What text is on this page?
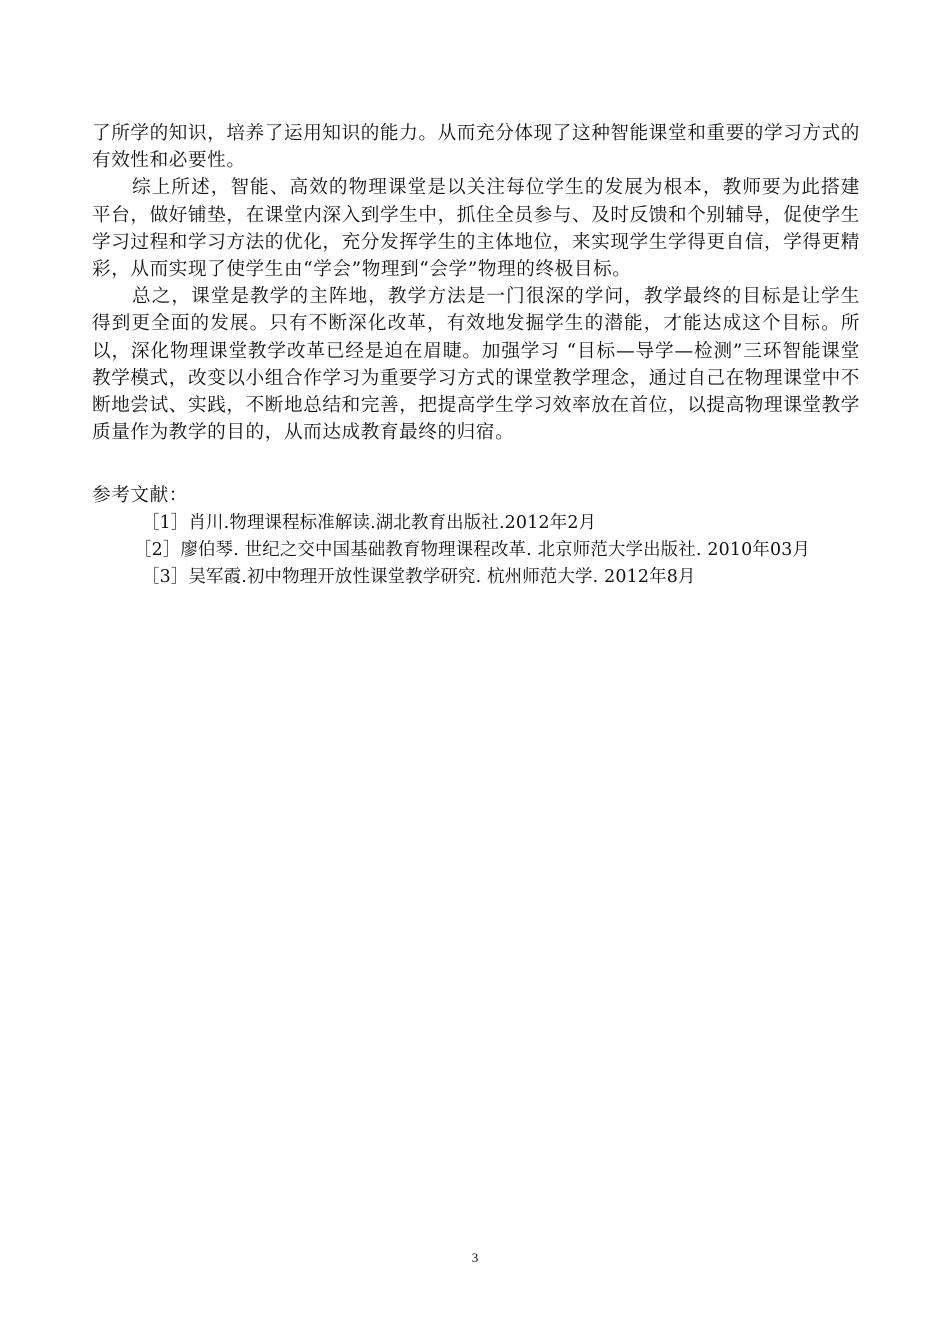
了所学的知识，培养了运用知识的能力。从而充分体现了这种智能课堂和重要的学习方式的有效性和必要性。

综上所述，智能、高效的物理课堂是以关注每位学生的发展为根本，教师要为此搭建平台，做好铺垫，在课堂内深入到学生中，抓住全员参与、及时反馈和个别辅导，促使学生学习过程和学习方法的优化，充分发挥学生的主体地位，来实现学生学得更自信，学得更精彩，从而实现了使学生由“学会”物理到“会学”物理的终极目标。

总之，课堂是教学的主阵地，教学方法是一门很深的学问，教学最终的目标是让学生得到更全面的发展。只有不断深化改革，有效地发掘学生的潜能，才能达成这个目标。所以，深化物理课堂教学改革已经是迫在眉睫。加强学习 “目标—导学—检测”三环智能课堂教学模式，改变以小组合作学习为重要学习方式的课堂教学理念，通过自己在物理课堂中不断地尝试、实践，不断地总结和完善，把提高学生学习效率放在首位，以提高物理课堂教学质量作为教学的目的，从而达成教育最终的归宿。

参考文献：

［1］肖川.物理课程标准解读.湖北教育出版社.2012年2月

［2］廖伯琴. 世纪之交中国基础教育物理课程改革. 北京师范大学出版社. 2010年03月

［3］吴军霞.初中物理开放性课堂教学研究. 杭州师范大学. 2012年8月

3
